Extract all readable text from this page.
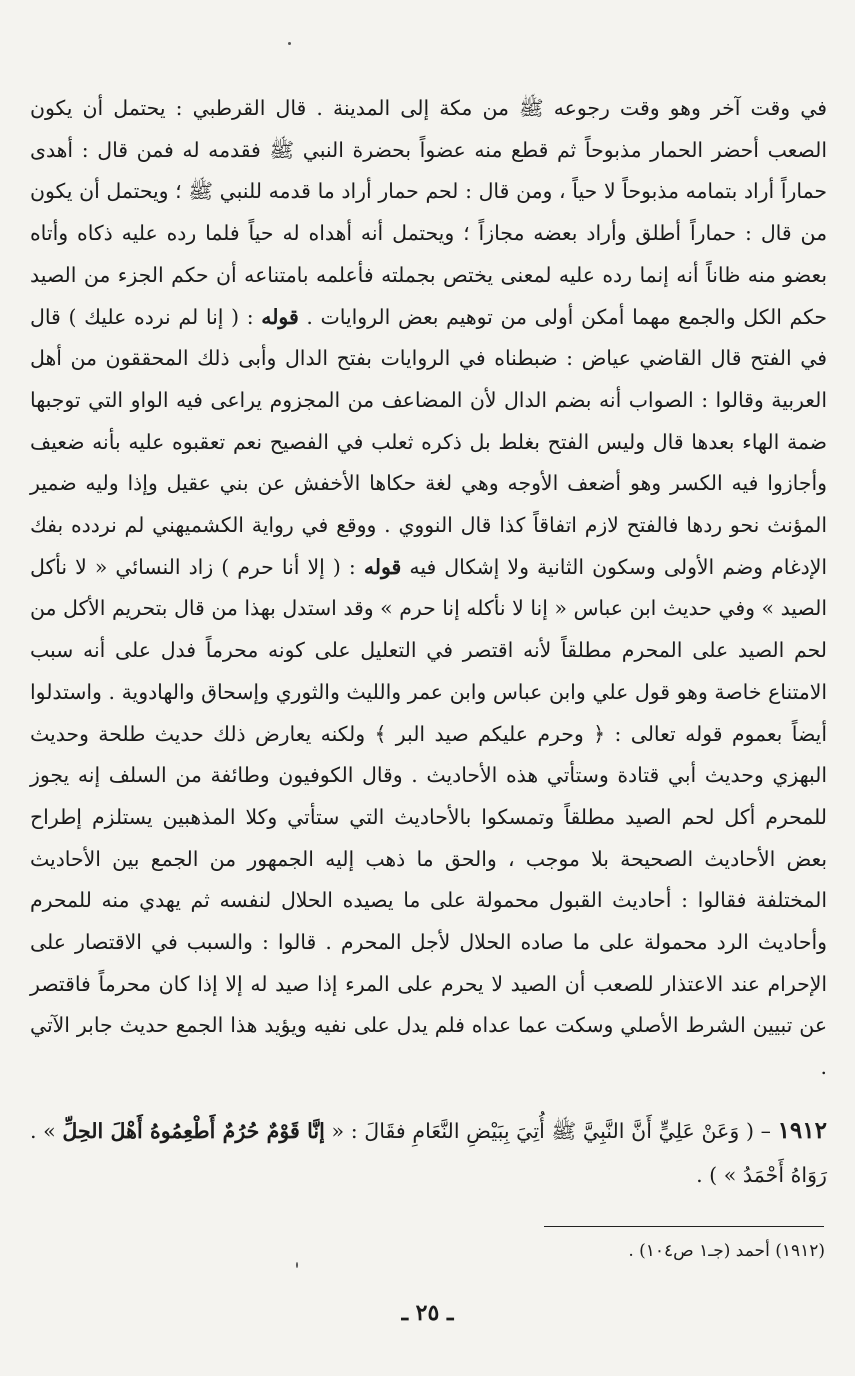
في وقت آخر وهو وقت رجوعه ﷺ من مكة إلى المدينة . قال القرطبي : يحتمل أن يكون الصعب أحضر الحمار مذبوحاً ثم قطع منه عضواً بحضرة النبي ﷺ فقدمه له فمن قال : أهدى حماراً أراد بتمامه مذبوحاً لا حياً ، ومن قال : لحم حمار أراد ما قدمه للنبي ﷺ ؛ ويحتمل أن يكون من قال : حماراً أطلق وأراد بعضه مجازاً ؛ ويحتمل أنه أهداه له حياً فلما رده عليه ذكاه وأتاه بعضو منه ظاناً أنه إنما رده عليه لمعنى يختص بجملته فأعلمه بامتناعه أن حكم الجزء من الصيد حكم الكل والجمع مهما أمكن أولى من توهيم بعض الروايات . قوله : ( إنا لم نرده عليك ) قال في الفتح قال القاضي عياض : ضبطناه في الروايات بفتح الدال وأبى ذلك المحققون من أهل العربية وقالوا : الصواب أنه بضم الدال لأن المضاعف من المجزوم يراعى فيه الواو التي توجبها ضمة الهاء بعدها قال وليس الفتح بغلط بل ذكره ثعلب في الفصيح نعم تعقبوه عليه بأنه ضعيف وأجازوا فيه الكسر وهو أضعف الأوجه وهي لغة حكاها الأخفش عن بني عقيل وإذا وليه ضمير المؤنث نحو ردها فالفتح لازم اتفاقاً كذا قال النووي . ووقع في رواية الكشميهني لم نردده بفك الإدغام وضم الأولى وسكون الثانية ولا إشكال فيه قوله : ( إلا أنا حرم ) زاد النسائي « لا نأكل الصيد » وفي حديث ابن عباس « إنا لا نأكله إنا حرم » وقد استدل بهذا من قال بتحريم الأكل من لحم الصيد على المحرم مطلقاً لأنه اقتصر في التعليل على كونه محرماً فدل على أنه سبب الامتناع خاصة وهو قول علي وابن عباس وابن عمر والليث والثوري وإسحاق والهادوية . واستدلوا أيضاً بعموم قوله تعالى : ﴿ وحرم عليكم صيد البر ﴾ ولكنه يعارض ذلك حديث طلحة وحديث البهزي وحديث أبي قتادة وستأتي هذه الأحاديث . وقال الكوفيون وطائفة من السلف إنه يجوز للمحرم أكل لحم الصيد مطلقاً وتمسكوا بالأحاديث التي ستأتي وكلا المذهبين يستلزم إطراح بعض الأحاديث الصحيحة بلا موجب ، والحق ما ذهب إليه الجمهور من الجمع بين الأحاديث المختلفة فقالوا : أحاديث القبول محمولة على ما يصيده الحلال لنفسه ثم يهدي منه للمحرم وأحاديث الرد محمولة على ما صاده الحلال لأجل المحرم . قالوا : والسبب في الاقتصار على الإحرام عند الاعتذار للصعب أن الصيد لا يحرم على المرء إذا صيد له إلا إذا كان محرماً فاقتصر عن تبيين الشرط الأصلي وسكت عما عداه فلم يدل على نفيه ويؤيد هذا الجمع حديث جابر الآتي .

١٩١٢ – ( وَعَنْ عَلِيٍّ أَنَّ النَّبِيَّ ﷺ أُتِيَ بِبَيْضِ النَّعَامِ فقَالَ : « إنَّا قَوْمٌ حُرُمٌ أَطْعِمُوهُ أَهْلَ الحِلِّ » . رَوَاهُ أَحْمَدُ » ) .

(١٩١٢) أحمد (جـ١ ص١٠٤) .
ـ ٢٥ ـ
